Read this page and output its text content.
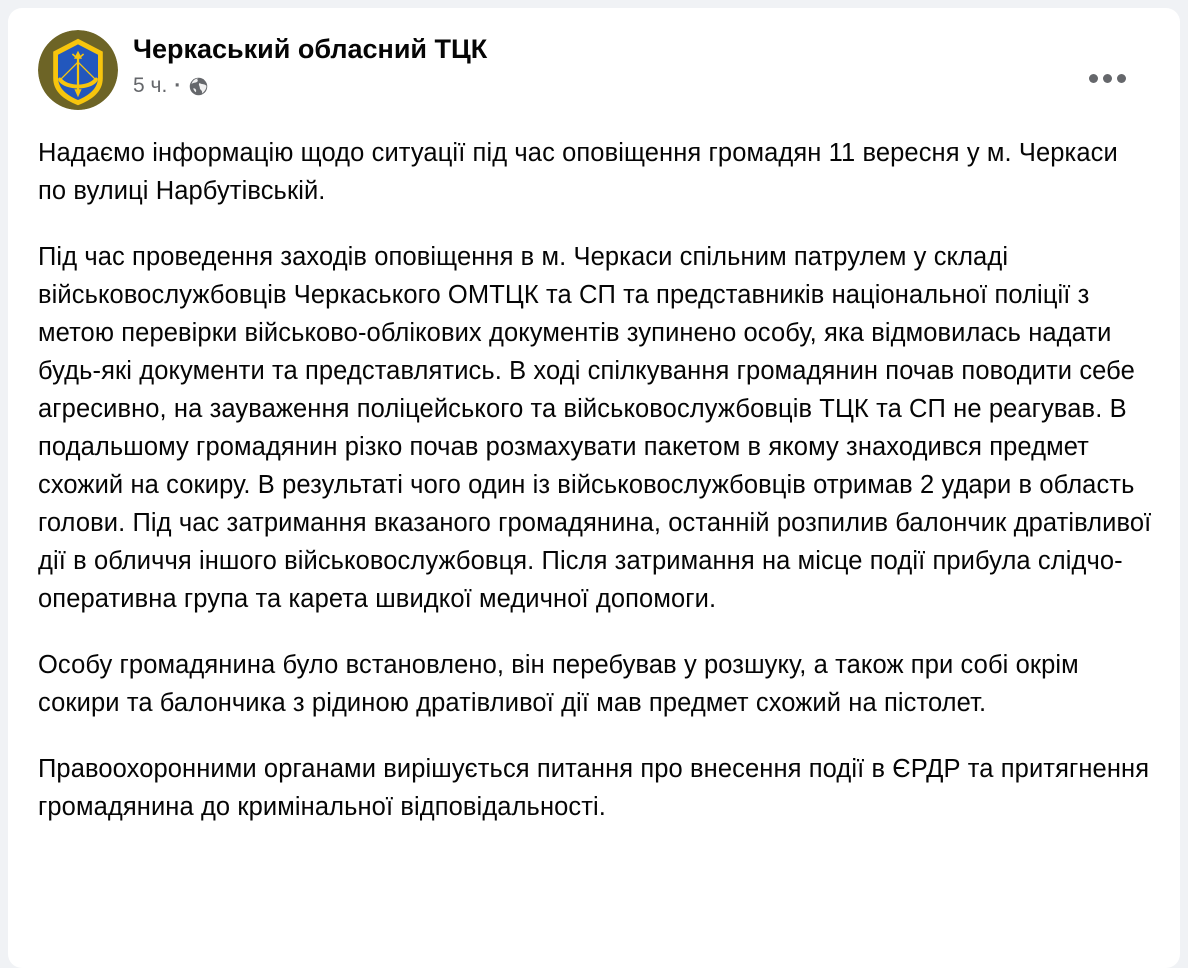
Черкаський обласний ТЦК
5 ч. ·

Надаємо інформацію щодо ситуації під час оповіщення громадян 11 вересня у м. Черкаси по вулиці Нарбутівській.

Під час проведення заходів оповіщення в м. Черкаси спільним патрулем у складі військовослужбовців Черкаського ОМТЦК та СП та представників національної поліції з метою перевірки військово-облікових документів зупинено особу, яка відмовилась надати будь-які документи та представлятись. В ході спілкування громадянин почав поводити себе агресивно, на зауваження поліцейського та військовослужбовців ТЦК та СП не реагував. В подальшому громадянин різко почав розмахувати пакетом в якому знаходився предмет схожий на сокиру. В результаті чого один із військовослужбовців отримав 2 удари в область голови. Під час затримання вказаного громадянина, останній розпилив балончик дратівливої дії в обличчя іншого військовослужбовця. Після затримання на місце події прибула слідчо-оперативна група та карета швидкої медичної допомоги.

Особу громадянина було встановлено, він перебував у розшуку, а також при собі окрім сокири та балончика з рідиною дратівливої дії мав предмет схожий на пістолет.

Правоохоронними органами вирішується питання про внесення події в ЄРДР та притягнення громадянина до кримінальної відповідальності.
